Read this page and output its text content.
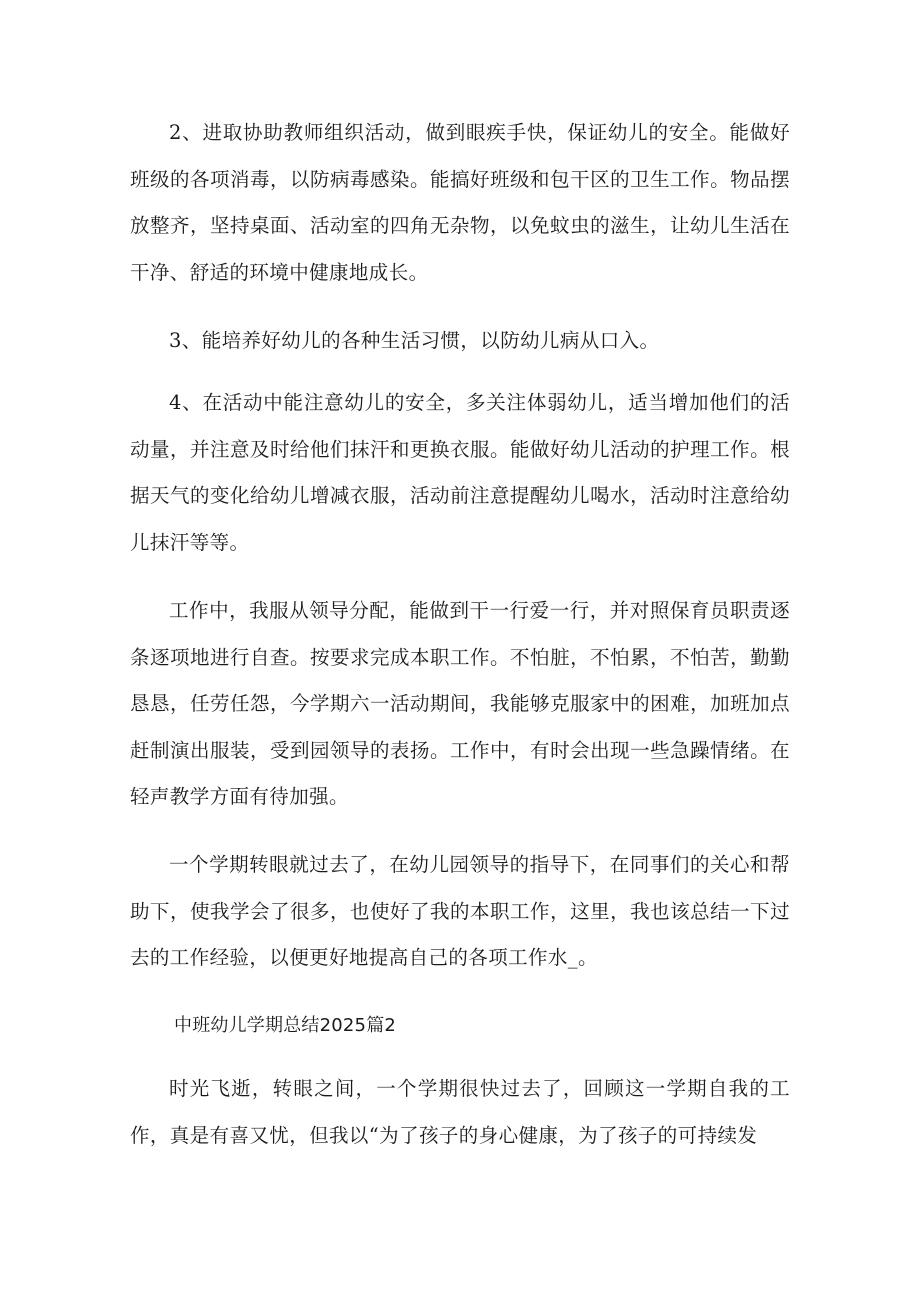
2、进取协助教师组织活动，做到眼疾手快，保证幼儿的安全。能做好班级的各项消毒，以防病毒感染。能搞好班级和包干区的卫生工作。物品摆放整齐，坚持桌面、活动室的四角无杂物，以免蚊虫的滋生，让幼儿生活在干净、舒适的环境中健康地成长。

3、能培养好幼儿的各种生活习惯，以防幼儿病从口入。

4、在活动中能注意幼儿的安全，多关注体弱幼儿，适当增加他们的活动量，并注意及时给他们抹汗和更换衣服。能做好幼儿活动的护理工作。根据天气的变化给幼儿增减衣服，活动前注意提醒幼儿喝水，活动时注意给幼儿抹汗等等。

工作中，我服从领导分配，能做到干一行爱一行，并对照保育员职责逐条逐项地进行自查。按要求完成本职工作。不怕脏，不怕累，不怕苦，勤勤恳恳，任劳任怨，今学期六一活动期间，我能够克服家中的困难，加班加点赶制演出服装，受到园领导的表扬。工作中，有时会出现一些急躁情绪。在轻声教学方面有待加强。

一个学期转眼就过去了，在幼儿园领导的指导下，在同事们的关心和帮助下，使我学会了很多，也使好了我的本职工作，这里，我也该总结一下过去的工作经验，以便更好地提高自己的各项工作水_。

中班幼儿学期总结2025篇2

时光飞逝，转眼之间，一个学期很快过去了，回顾这一学期自我的工作，真是有喜又忧，但我以“为了孩子的身心健康，为了孩子的可持续发
